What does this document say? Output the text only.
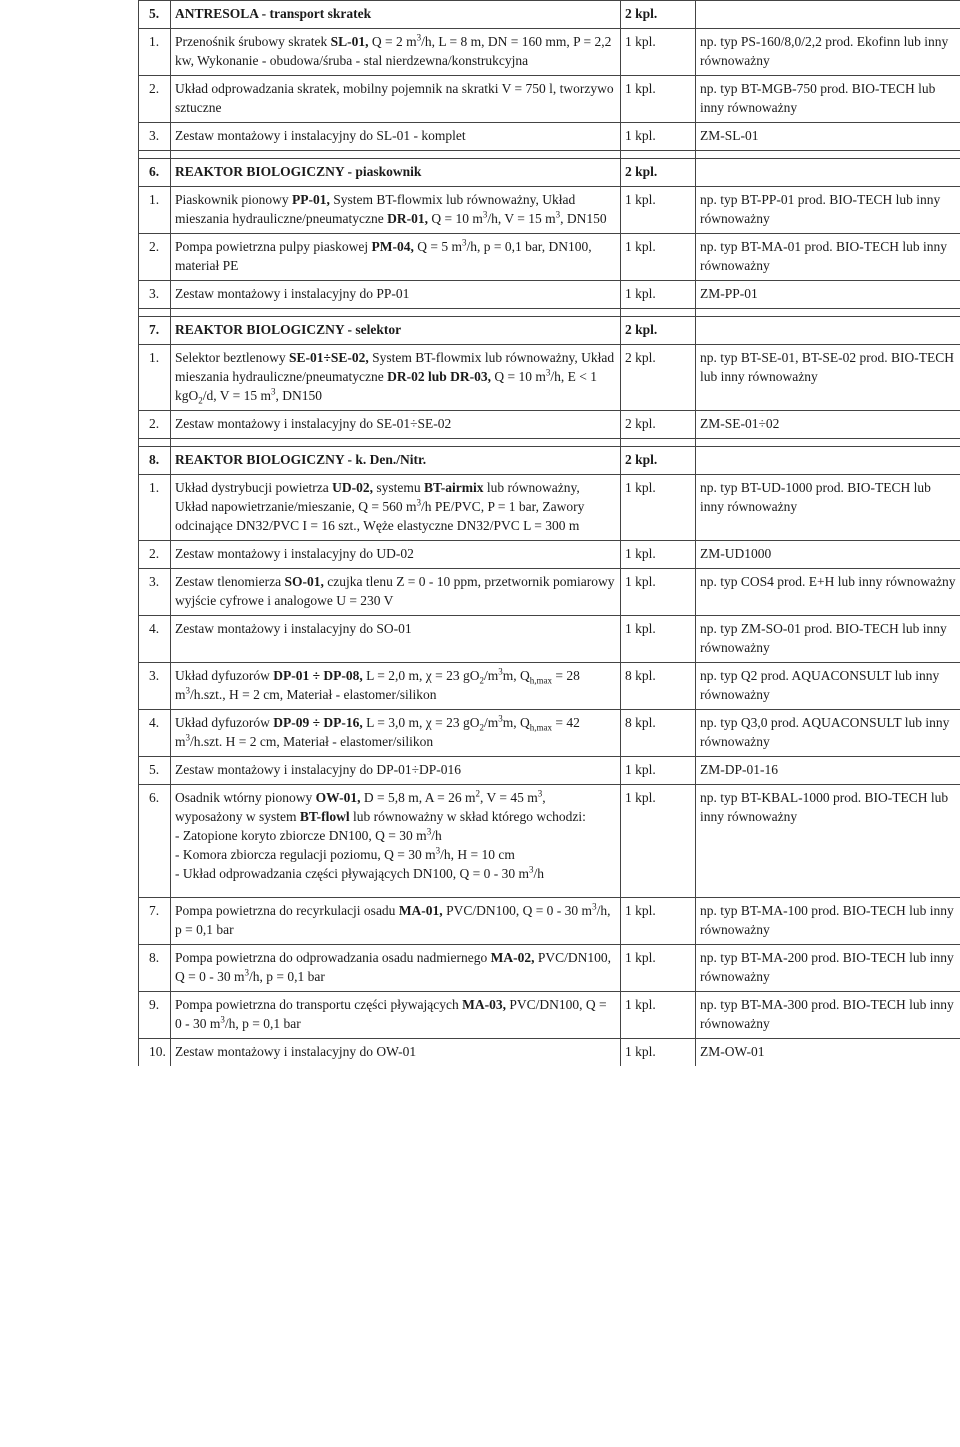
5.	ANTRESOLA - transport skratek	2 kpl.	
1.	Przenośnik śrubowy skratek SL-01, Q = 2 $m^3/h$, L = 8 m, DN = 160 mm, P = 2,2 kw, Wykonanie - obudowa/śruba - stal nierdzewna/konstrukcyjna	1 kpl.	np. typ PS-160/8,0/2,2 prod. Ekofinn lub inny równoważny
2.	Układ odprowadzania skratek, mobilny pojemnik na skratki V = 750 l, tworzywo sztuczne	1 kpl.	np. typ BT-MGB-750 prod. BIO-TECH lub inny równoważny
3.	Zestaw montażowy i instalacyjny do SL-01 - komplet	1 kpl.	ZM-SL-01

6.	REAKTOR BIOLOGICZNY - piaskownik	2 kpl.	
1.	Piaskownik pionowy PP-01, System BT-flowmix lub równoważny, Układ mieszania hydrauliczne/pneumatyczne DR-01, Q = 10 $m^3/h$, V = 15 $m^3$, DN150	1 kpl.	np. typ BT-PP-01 prod. BIO-TECH lub inny równoważny
2.	Pompa powietrzna pulpy piaskowej PM-04, Q = 5 $m^3/h$, p = 0,1 bar, DN100, materiał PE	1 kpl.	np. typ BT-MA-01 prod. BIO-TECH lub inny równoważny
3.	Zestaw montażowy i instalacyjny do PP-01	1 kpl.	ZM-PP-01

7.	REAKTOR BIOLOGICZNY - selektor	2 kpl.	
1.	Selektor beztlenowy SE-01÷SE-02, System BT-flowmix lub równoważny, Układ mieszania hydrauliczne/pneumatyczne DR-02 lub DR-03, Q = 10 $m^3/h$, E < 1 kgO$_2$/d, V = 15 $m^3$, DN150	2 kpl.	np. typ BT-SE-01, BT-SE-02 prod. BIO-TECH lub inny równoważny
2.	Zestaw montażowy i instalacyjny do SE-01÷SE-02	2 kpl.	ZM-SE-01÷02

8.	REAKTOR BIOLOGICZNY - k. Den./Nitr.	2 kpl.	
1.	Układ dystrybucji powietrza UD-02, systemu BT-airmix lub równoważny, Układ napowietrzanie/mieszanie, Q = 560 $m^3/h$ PE/PVC, P = 1 bar, Zawory odcinające DN32/PVC I = 16 szt., Węże elastyczne DN32/PVC L = 300 m	1 kpl.	np. typ BT-UD-1000 prod. BIO-TECH lub inny równoważny
2.	Zestaw montażowy i instalacyjny do UD-02	1 kpl.	ZM-UD1000
3.	Zestaw tlenomierza SO-01, czujka tlenu Z = 0 - 10 ppm, przetwornik pomiarowy wyjście cyfrowe i analogowe U = 230 V	1 kpl.	np. typ COS4 prod. E+H lub inny równoważny
4.	Zestaw montażowy i instalacyjny do SO-01	1 kpl.	np. typ ZM-SO-01 prod. BIO-TECH lub inny równoważny
3.	Układ dyfuzorów DP-01 ÷ DP-08, L = 2,0 m, χ = 23 $gO_2/m^3m$, $Q_{h,max} = 28$ $m^3/h.szt$., H = 2 cm, Materiał - elastomer/silikon	8 kpl.	np. typ Q2 prod. AQUACONSULT lub inny równoważny
4.	Układ dyfuzorów DP-09 ÷ DP-16, L = 3,0 m, χ = 23 $gO_2/m^3m$, $Q_{h,max} = 42$ $m^3/h.szt$. H = 2 cm, Materiał - elastomer/silikon	8 kpl.	np. typ Q3,0 prod. AQUACONSULT lub inny równoważny
5.	Zestaw montażowy i instalacyjny do DP-01÷DP-016	1 kpl.	ZM-DP-01-16
6.	Osadnik wtórny pionowy OW-01, D = 5,8 m, A = 26 $m^2$, V = 45 $m^3$, wyposażony w system BT-flowl lub równoważny w skład którego wchodzi:
- Zatopione koryto zbiorcze DN100, Q = 30 $m^3/h$
- Komora zbiorcza regulacji poziomu, Q = 30 $m^3/h$, H = 10 cm
- Układ odprowadzania części pływających DN100, Q = 0 - 30 $m^3/h$	1 kpl.	np. typ BT-KBAL-1000 prod. BIO-TECH lub inny równoważny
7.	Pompa powietrzna do recyrkulacji osadu MA-01, PVC/DN100, Q = 0 - 30 $m^3/h$, p = 0,1 bar	1 kpl.	np. typ BT-MA-100 prod. BIO-TECH lub inny równoważny
8.	Pompa powietrzna do odprowadzania osadu nadmiernego MA-02, PVC/DN100, Q = 0 - 30 $m^3/h$, p = 0,1 bar	1 kpl.	np. typ BT-MA-200 prod. BIO-TECH lub inny równoważny
9.	Pompa powietrzna do transportu części pływających MA-03, PVC/DN100, Q = 0 - 30 $m^3/h$, p = 0,1 bar	1 kpl.	np. typ BT-MA-300 prod. BIO-TECH lub inny równoważny
10.	Zestaw montażowy i instalacyjny do OW-01	1 kpl.	ZM-OW-01
